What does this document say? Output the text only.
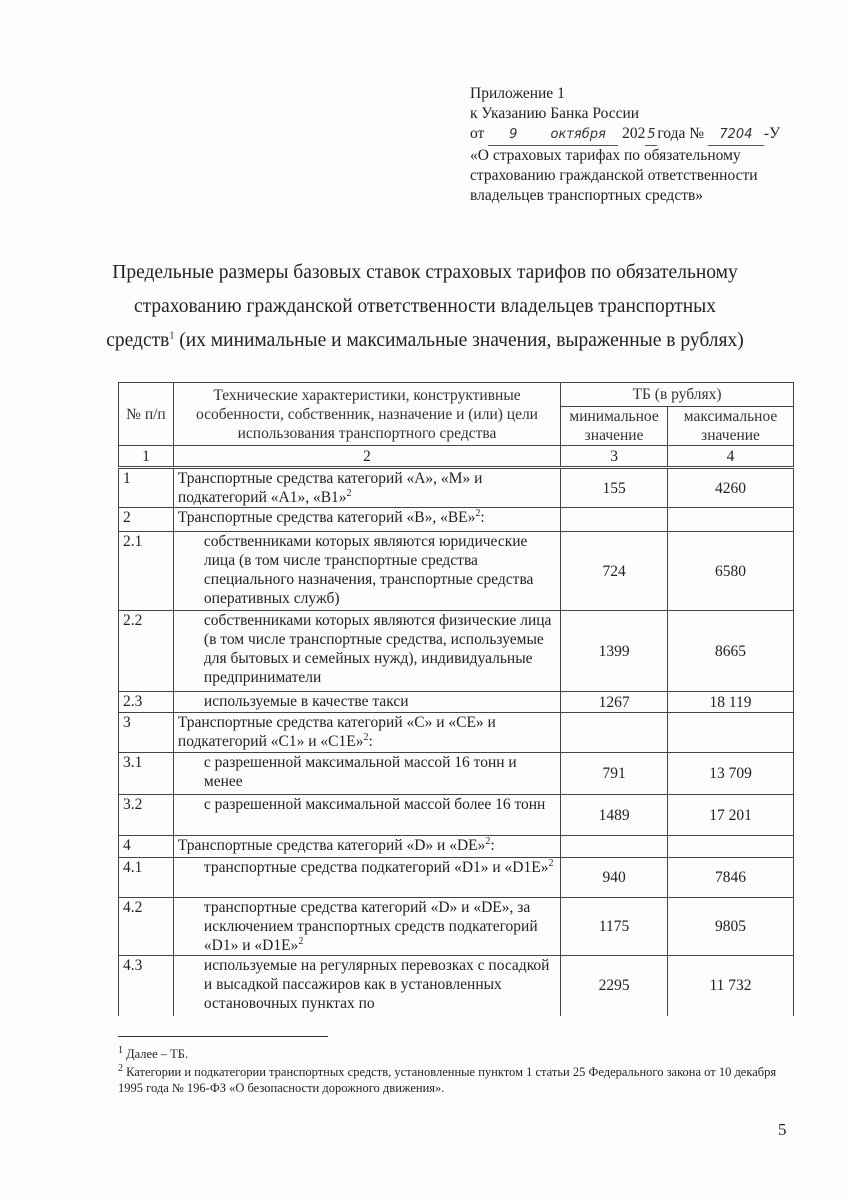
Приложение 1
к Указанию Банка России
от 9	октября 202 5 года № 7204 -У
«О страховых тарифах по обязательному
страхованию гражданской ответственности
владельцев транспортных средств»
Предельные размеры базовых ставок страховых тарифов по обязательному
страхованию гражданской ответственности владельцев транспортных
средств$^1$ (их минимальные и максимальные значения, выраженные в рублях)
№ п/п	Технические характеристики, конструктивные особенности, собственник, назначение и (или) цели использования транспортного средства	ТБ (в рублях)	
		минимальное значение	максимальное значение
1	2	3	4
1	Транспортные средства категорий «А», «М» и подкатегорий «А1», «В1»$^2$	155	4260
2	Транспортные средства категорий «В», «ВЕ»$^2$:		
2.1	собственниками которых являются юридические лица (в том числе транспортные средства специального назначения, транспортные средства оперативных служб)	724	6580
2.2	собственниками которых являются физические лица (в том числе транспортные средства, используемые для бытовых и семейных нужд), индивидуальные предприниматели	1399	8665
2.3	используемые в качестве такси	1267	18 119
3	Транспортные средства категорий «С» и «СЕ» и подкатегорий «С1» и «С1Е»$^2$:		
3.1	с разрешенной максимальной массой 16 тонн и менее	791	13 709
3.2	с разрешенной максимальной массой более 16 тонн	1489	17 201
4	Транспортные средства категорий «D» и «DE»$^2$:		
4.1	транспортные средства подкатегорий «D1» и «D1E»$^2$	940	7846
4.2	транспортные средства категорий «D» и «DE», за исключением транспортных средств подкатегорий «D1» и «D1E»$^2$	1175	9805
4.3	используемые на регулярных перевозках с посадкой и высадкой пассажиров как в установленных остановочных пунктах по	2295	11 732
$^1$ Далее – ТБ.
$^2$ Категории и подкатегории транспортных средств, установленные пунктом 1 статьи 25 Федерального закона от 10 декабря 1995 года № 196-ФЗ «О безопасности дорожного движения».
5
